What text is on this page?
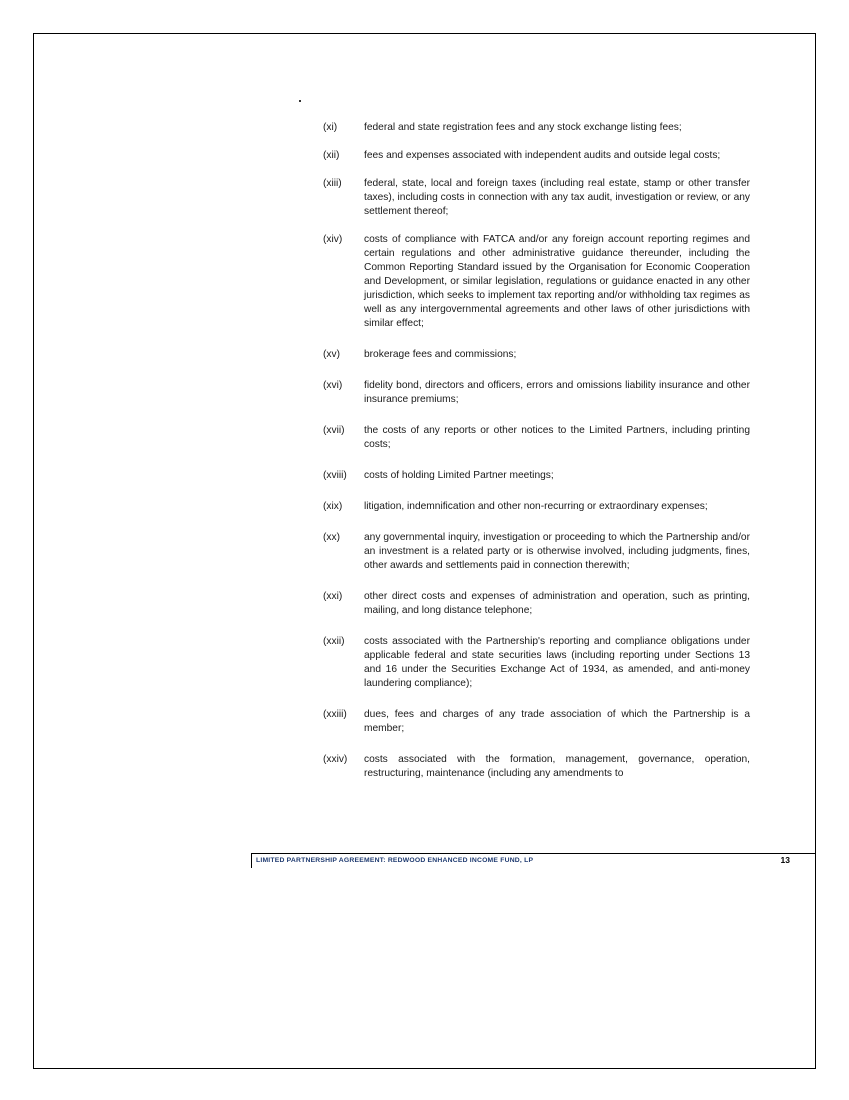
(xi)	federal and state registration fees and any stock exchange listing fees;
(xii)	fees and expenses associated with independent audits and outside legal costs;
(xiii)	federal, state, local and foreign taxes (including real estate, stamp or other transfer taxes), including costs in connection with any tax audit, investigation or review, or any settlement thereof;
(xiv)	costs of compliance with FATCA and/or any foreign account reporting regimes and certain regulations and other administrative guidance thereunder, including the Common Reporting Standard issued by the Organisation for Economic Cooperation and Development, or similar legislation, regulations or guidance enacted in any other jurisdiction, which seeks to implement tax reporting and/or withholding tax regimes as well as any intergovernmental agreements and other laws of other jurisdictions with similar effect;
(xv)	brokerage fees and commissions;
(xvi)	fidelity bond, directors and officers, errors and omissions liability insurance and other insurance premiums;
(xvii)	the costs of any reports or other notices to the Limited Partners, including printing costs;
(xviii)	costs of holding Limited Partner meetings;
(xix)	litigation, indemnification and other non-recurring or extraordinary expenses;
(xx)	any governmental inquiry, investigation or proceeding to which the Partnership and/or an investment is a related party or is otherwise involved, including judgments, fines, other awards and settlements paid in connection therewith;
(xxi)	other direct costs and expenses of administration and operation, such as printing, mailing, and long distance telephone;
(xxii)	costs associated with the Partnership's reporting and compliance obligations under applicable federal and state securities laws (including reporting under Sections 13 and 16 under the Securities Exchange Act of 1934, as amended, and anti-money laundering compliance);
(xxiii)	dues, fees and charges of any trade association of which the Partnership is a member;
(xxiv)	costs associated with the formation, management, governance, operation, restructuring, maintenance (including any amendments to
LIMITED PARTNERSHIP AGREEMENT: REDWOOD ENHANCED INCOME FUND, LP	13
